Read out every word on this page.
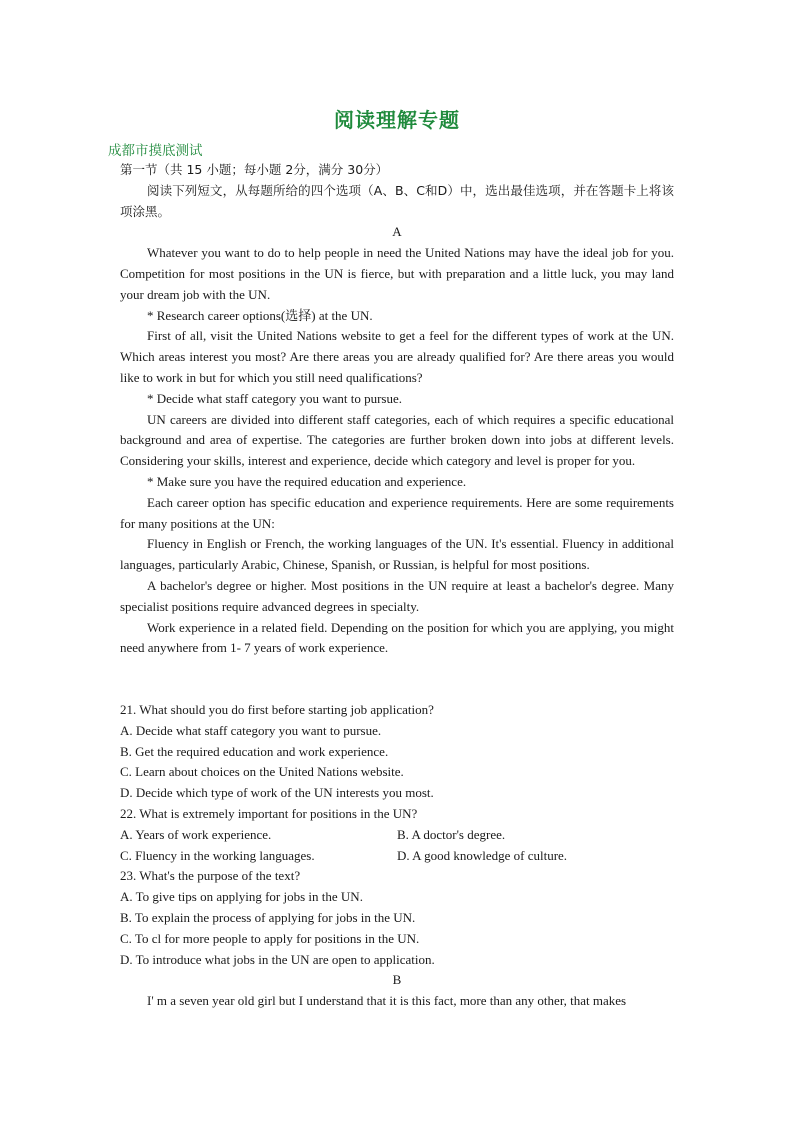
阅读理解专题
成都市摸底测试

第一节（共 15 小题；每小题 2分，满分 30分）

阅读下列短文，从每题所给的四个选项（A、B、C和D）中，选出最佳选项，并在答题卡上将该项涂黑。

A

Whatever you want to do to help people in need the United Nations may have the ideal job for you. Competition for most positions in the UN is fierce, but with preparation and a little luck, you may land your dream job with the UN.

* Research career options(选择) at the UN.

First of all, visit the United Nations website to get a feel for the different types of work at the UN. Which areas interest you most? Are there areas you are already qualified for? Are there areas you would like to work in but for which you still need qualifications?

* Decide what staff category you want to pursue.

UN careers are divided into different staff categories, each of which requires a specific educational background and area of expertise. The categories are further broken down into jobs at different levels. Considering your skills, interest and experience, decide which category and level is proper for you.

* Make sure you have the required education and experience.

Each career option has specific education and experience requirements. Here are some requirements for many positions at the UN:

Fluency in English or French, the working languages of the UN. It's essential. Fluency in additional languages, particularly Arabic, Chinese, Spanish, or Russian, is helpful for most positions.

A bachelor's degree or higher. Most positions in the UN require at least a bachelor's degree. Many specialist positions require advanced degrees in specialty.

Work experience in a related field. Depending on the position for which you are applying, you might need anywhere from 1- 7 years of work experience.

21. What should you do first before starting job application?

A. Decide what staff category you want to pursue.

B. Get the required education and work experience.

C. Learn about choices on the United Nations website.

D. Decide which type of work of the UN interests you most.

22. What is extremely important for positions in the UN?

A. Years of work experience.	B. A doctor's degree.
C. Fluency in the working languages.	D. A good knowledge of culture.

23. What's the purpose of the text?

A. To give tips on applying for jobs in the UN.

B. To explain the process of applying for jobs in the UN.

C. To cl for more people to apply for positions in the UN.

D. To introduce what jobs in the UN are open to application.

B

I' m a seven year old girl but I understand that it is this fact, more than any other, that makes
